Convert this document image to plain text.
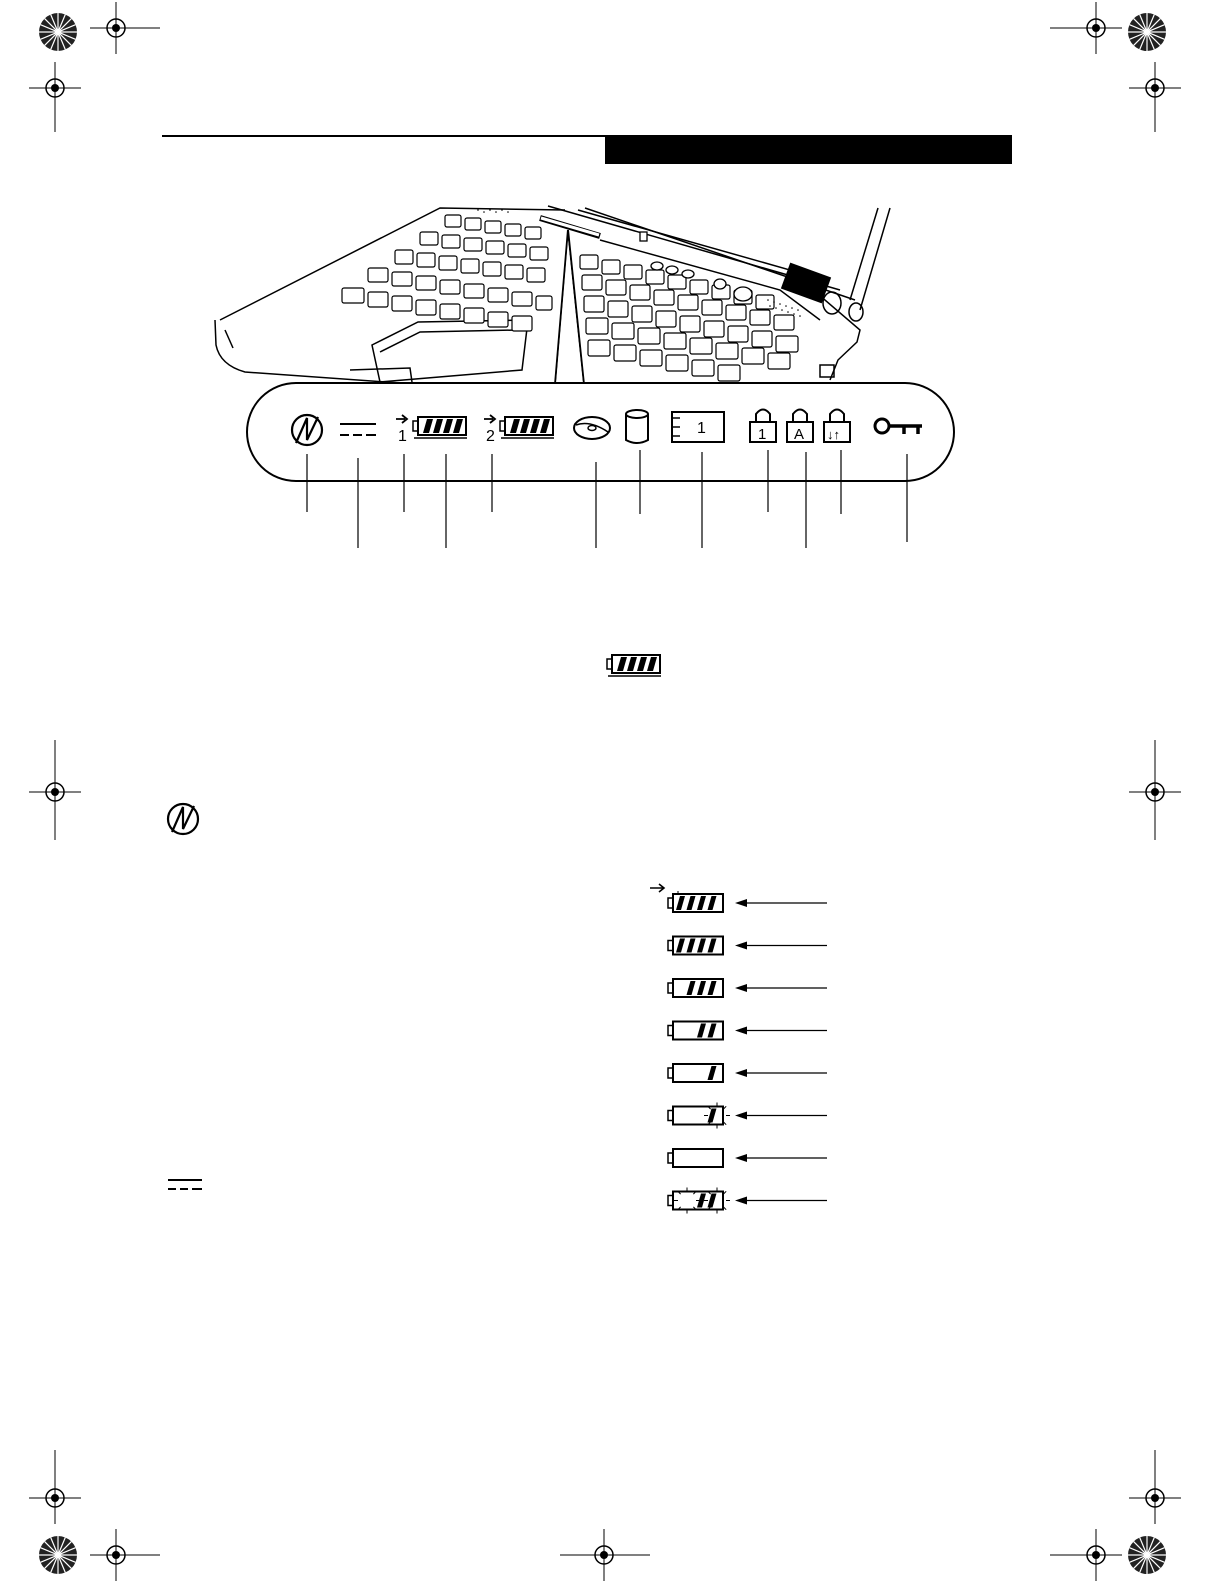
1	2	1	1 A ↓↑
